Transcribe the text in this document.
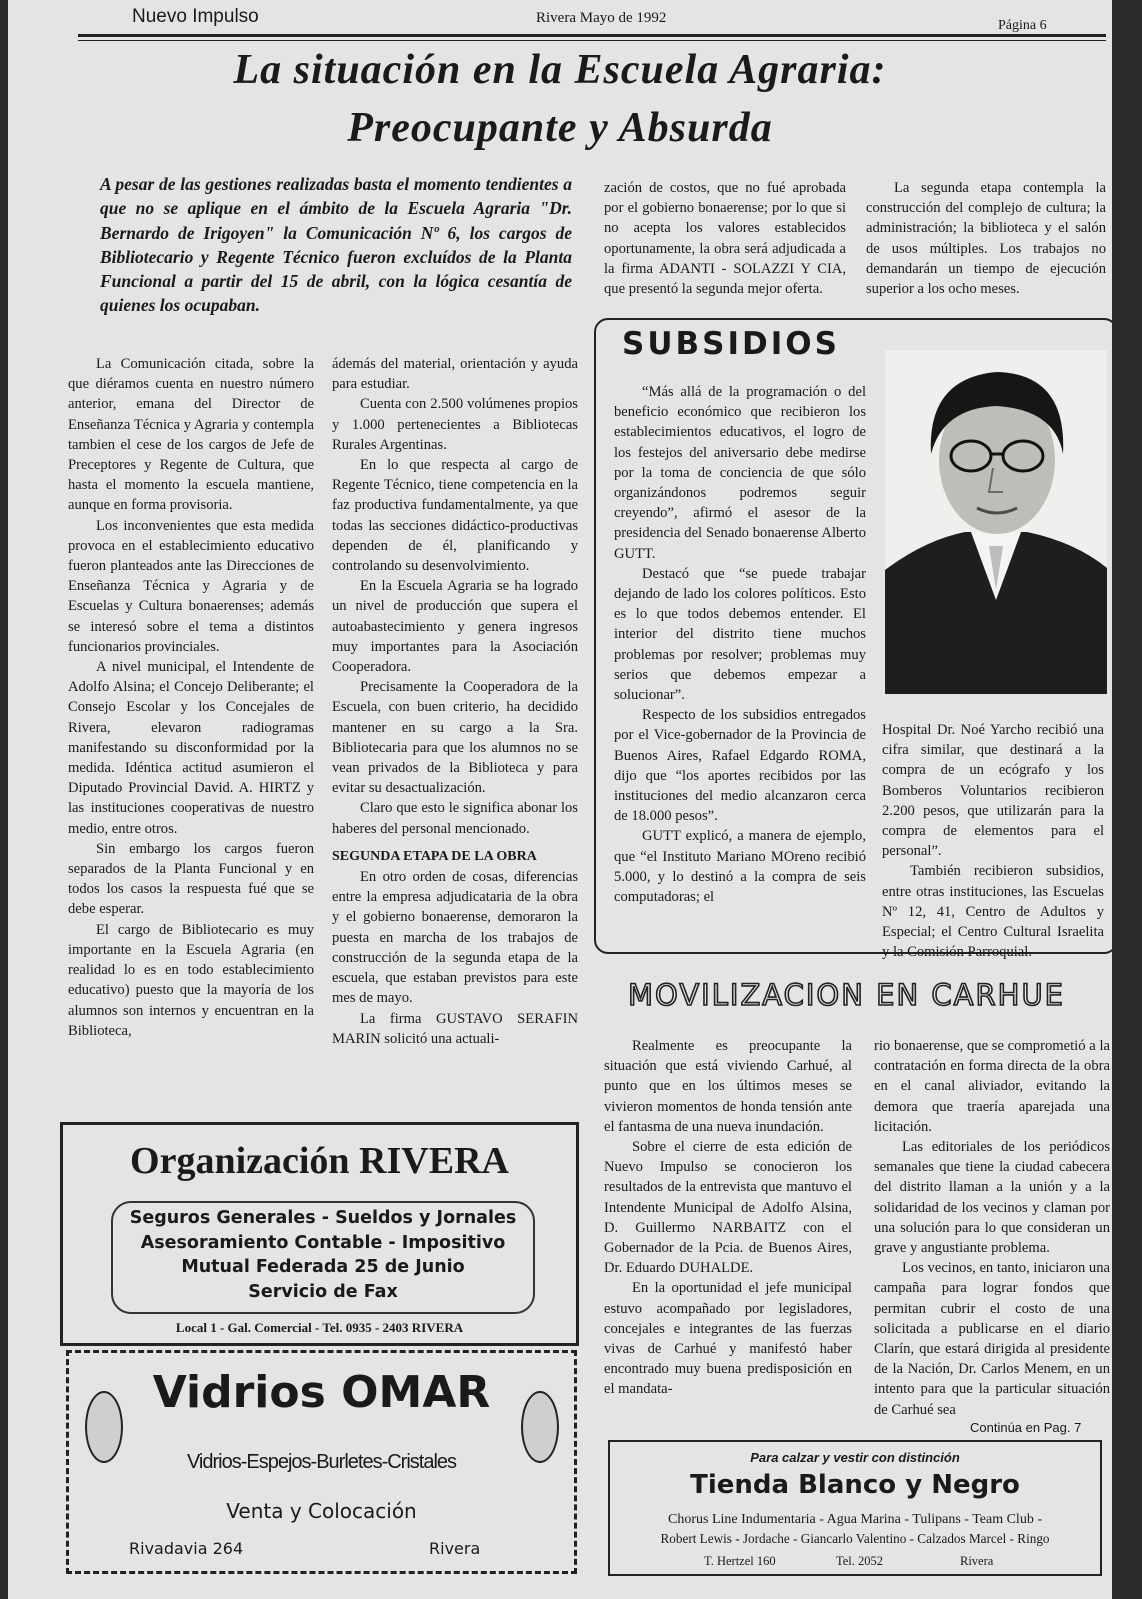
Nuevo Impulso	Rivera Mayo de 1992	Página 6
La situación en la Escuela Agraria:
Preocupante y Absurda

A pesar de las gestiones realizadas basta el momento tendientes a que no se aplique en el ámbito de la Escuela Agraria "Dr. Bernardo de Irigoyen" la Comunicación Nº 6, los cargos de Bibliotecario y Regente Técnico fueron excluídos de la Planta Funcional a partir del 15 de abril, con la lógica cesantía de quienes los ocupaban.

La Comunicación citada, sobre la que diéramos cuenta en nuestro número anterior, emana del Director de Enseñanza Técnica y Agraria y contempla tambien el cese de los cargos de Jefe de Preceptores y Regente de Cultura, que hasta el momento la escuela mantiene, aunque en forma provisoria.

Los inconvenientes que esta medida provoca en el establecimiento educativo fueron planteados ante las Direcciones de Enseñanza Técnica y Agraria y de Escuelas y Cultura bonaerenses; además se interesó sobre el tema a distintos funcionarios provinciales.

A nivel municipal, el Intendente de Adolfo Alsina; el Concejo Deliberante; el Consejo Escolar y los Concejales de Rivera, elevaron radiogramas manifestando su disconformidad por la medida. Idéntica actitud asumieron el Diputado Provincial David. A. HIRTZ y las instituciones cooperativas de nuestro medio, entre otros.

Sin embargo los cargos fueron separados de la Planta Funcional y en todos los casos la respuesta fué que se debe esperar.

El cargo de Bibliotecario es muy importante en la Escuela Agraria (en realidad lo es en todo establecimiento educativo) puesto que la mayoría de los alumnos son internos y encuentran en la Biblioteca,

ádemás del material, orientación y ayuda para estudiar.

Cuenta con 2.500 volúmenes propios y 1.000 pertenecientes a Bibliotecas Rurales Argentinas.

En lo que respecta al cargo de Regente Técnico, tiene competencia en la faz productiva fundamentalmente, ya que todas las secciones didáctico-productivas dependen de él, planificando y controlando su desenvolvimiento.

En la Escuela Agraria se ha logrado un nivel de producción que supera el autoabastecimiento y genera ingresos muy importantes para la Asociación Cooperadora.

Precisamente la Cooperadora de la Escuela, con buen criterio, ha decidido mantener en su cargo a la Sra. Bibliotecaria para que los alumnos no se vean privados de la Biblioteca y para evitar su desactualización.

Claro que esto le significa abonar los haberes del personal mencionado.

SEGUNDA ETAPA DE LA OBRA

En otro orden de cosas, diferencias entre la empresa adjudicataria de la obra y el gobierno bonaerense, demoraron la puesta en marcha de los trabajos de construcción de la segunda etapa de la escuela, que estaban previstos para este mes de mayo.

La firma GUSTAVO SERAFIN MARIN solicitó una actuali-

zación de costos, que no fué aprobada por el gobierno bonaerense; por lo que si no acepta los valores establecidos oportunamente, la obra será adjudicada a la firma ADANTI - SOLAZZI Y CIA, que presentó la segunda mejor oferta.

La segunda etapa contempla la construcción del complejo de cultura; la administración; la biblioteca y el salón de usos múltiples. Los trabajos no demandarán un tiempo de ejecución superior a los ocho meses.

SUBSIDIOS

“Más allá de la programación o del beneficio económico que recibieron los establecimientos educativos, el logro de los festejos del aniversario debe medirse por la toma de conciencia de que sólo organizándonos podremos seguir creyendo”, afirmó el asesor de la presidencia del Senado bonaerense Alberto GUTT.

Destacó que “se puede trabajar dejando de lado los colores políticos. Esto es lo que todos debemos entender. El interior del distrito tiene muchos problemas por resolver; problemas muy serios que debemos empezar a solucionar”.

Respecto de los subsidios entregados por el Vice-gobernador de la Provincia de Buenos Aires, Rafael Edgardo ROMA, dijo que “los aportes recibidos por las instituciones del medio alcanzaron cerca de 18.000 pesos”.

GUTT explicó, a manera de ejemplo, que “el Instituto Mariano MOreno recibió 5.000, y lo destinó a la compra de seis computadoras; el

Hospital Dr. Noé Yarcho recibió una cifra similar, que destinará a la compra de un ecógrafo y los Bomberos Voluntarios recibieron 2.200 pesos, que utilizarán para la compra de elementos para el personal”.

También recibieron subsidios, entre otras instituciones, las Escuelas Nº 12, 41, Centro de Adultos y Especial; el Centro Cultural Israelita y la Comisión Parroquial.

MOVILIZACION EN CARHUE

Realmente es preocupante la situación que está viviendo Carhué, al punto que en los últimos meses se vivieron momentos de honda tensión ante el fantasma de una nueva inundación.

Sobre el cierre de esta edición de Nuevo Impulso se conocieron los resultados de la entrevista que mantuvo el Intendente Municipal de Adolfo Alsina, D. Guillermo NARBAITZ con el Gobernador de la Pcia. de Buenos Aires, Dr. Eduardo DUHALDE.

En la oportunidad el jefe municipal estuvo acompañado por legisladores, concejales e integrantes de las fuerzas vivas de Carhué y manifestó haber encontrado muy buena predisposición en el mandata-

rio bonaerense, que se comprometió a la contratación en forma directa de la obra en el canal aliviador, evitando la demora que traería aparejada una licitación.

Las editoriales de los periódicos semanales que tiene la ciudad cabecera del distrito llaman a la unión y a la solidaridad de los vecinos y claman por una solución para lo que consideran un grave y angustiante problema.

Los vecinos, en tanto, iniciaron una campaña para lograr fondos que permitan cubrir el costo de una solicitada a publicarse en el diario Clarín, que estará dirigida al presidente de la Nación, Dr. Carlos Menem, en un intento para que la particular situación de Carhué sea

Continúa en Pag. 7
Organización RIVERA
Seguros Generales - Sueldos y Jornales
Asesoramiento Contable - Impositivo
Mutual Federada 25 de Junio
Servicio de Fax
Local 1 - Gal. Comercial - Tel. 0935 - 2403 RIVERA
Vidrios OMAR
Vidrios-Espejos-Burletes-Cristales
Venta y Colocación
Rivadavia 264	Rivera
Para calzar y vestir con distinción
Tienda Blanco y Negro
Chorus Line Indumentaria - Agua Marina - Tulipans - Team Club -
Robert Lewis - Jordache - Giancarlo Valentino - Calzados Marcel - Ringo
T. Hertzel 160	Tel. 2052	Rivera
